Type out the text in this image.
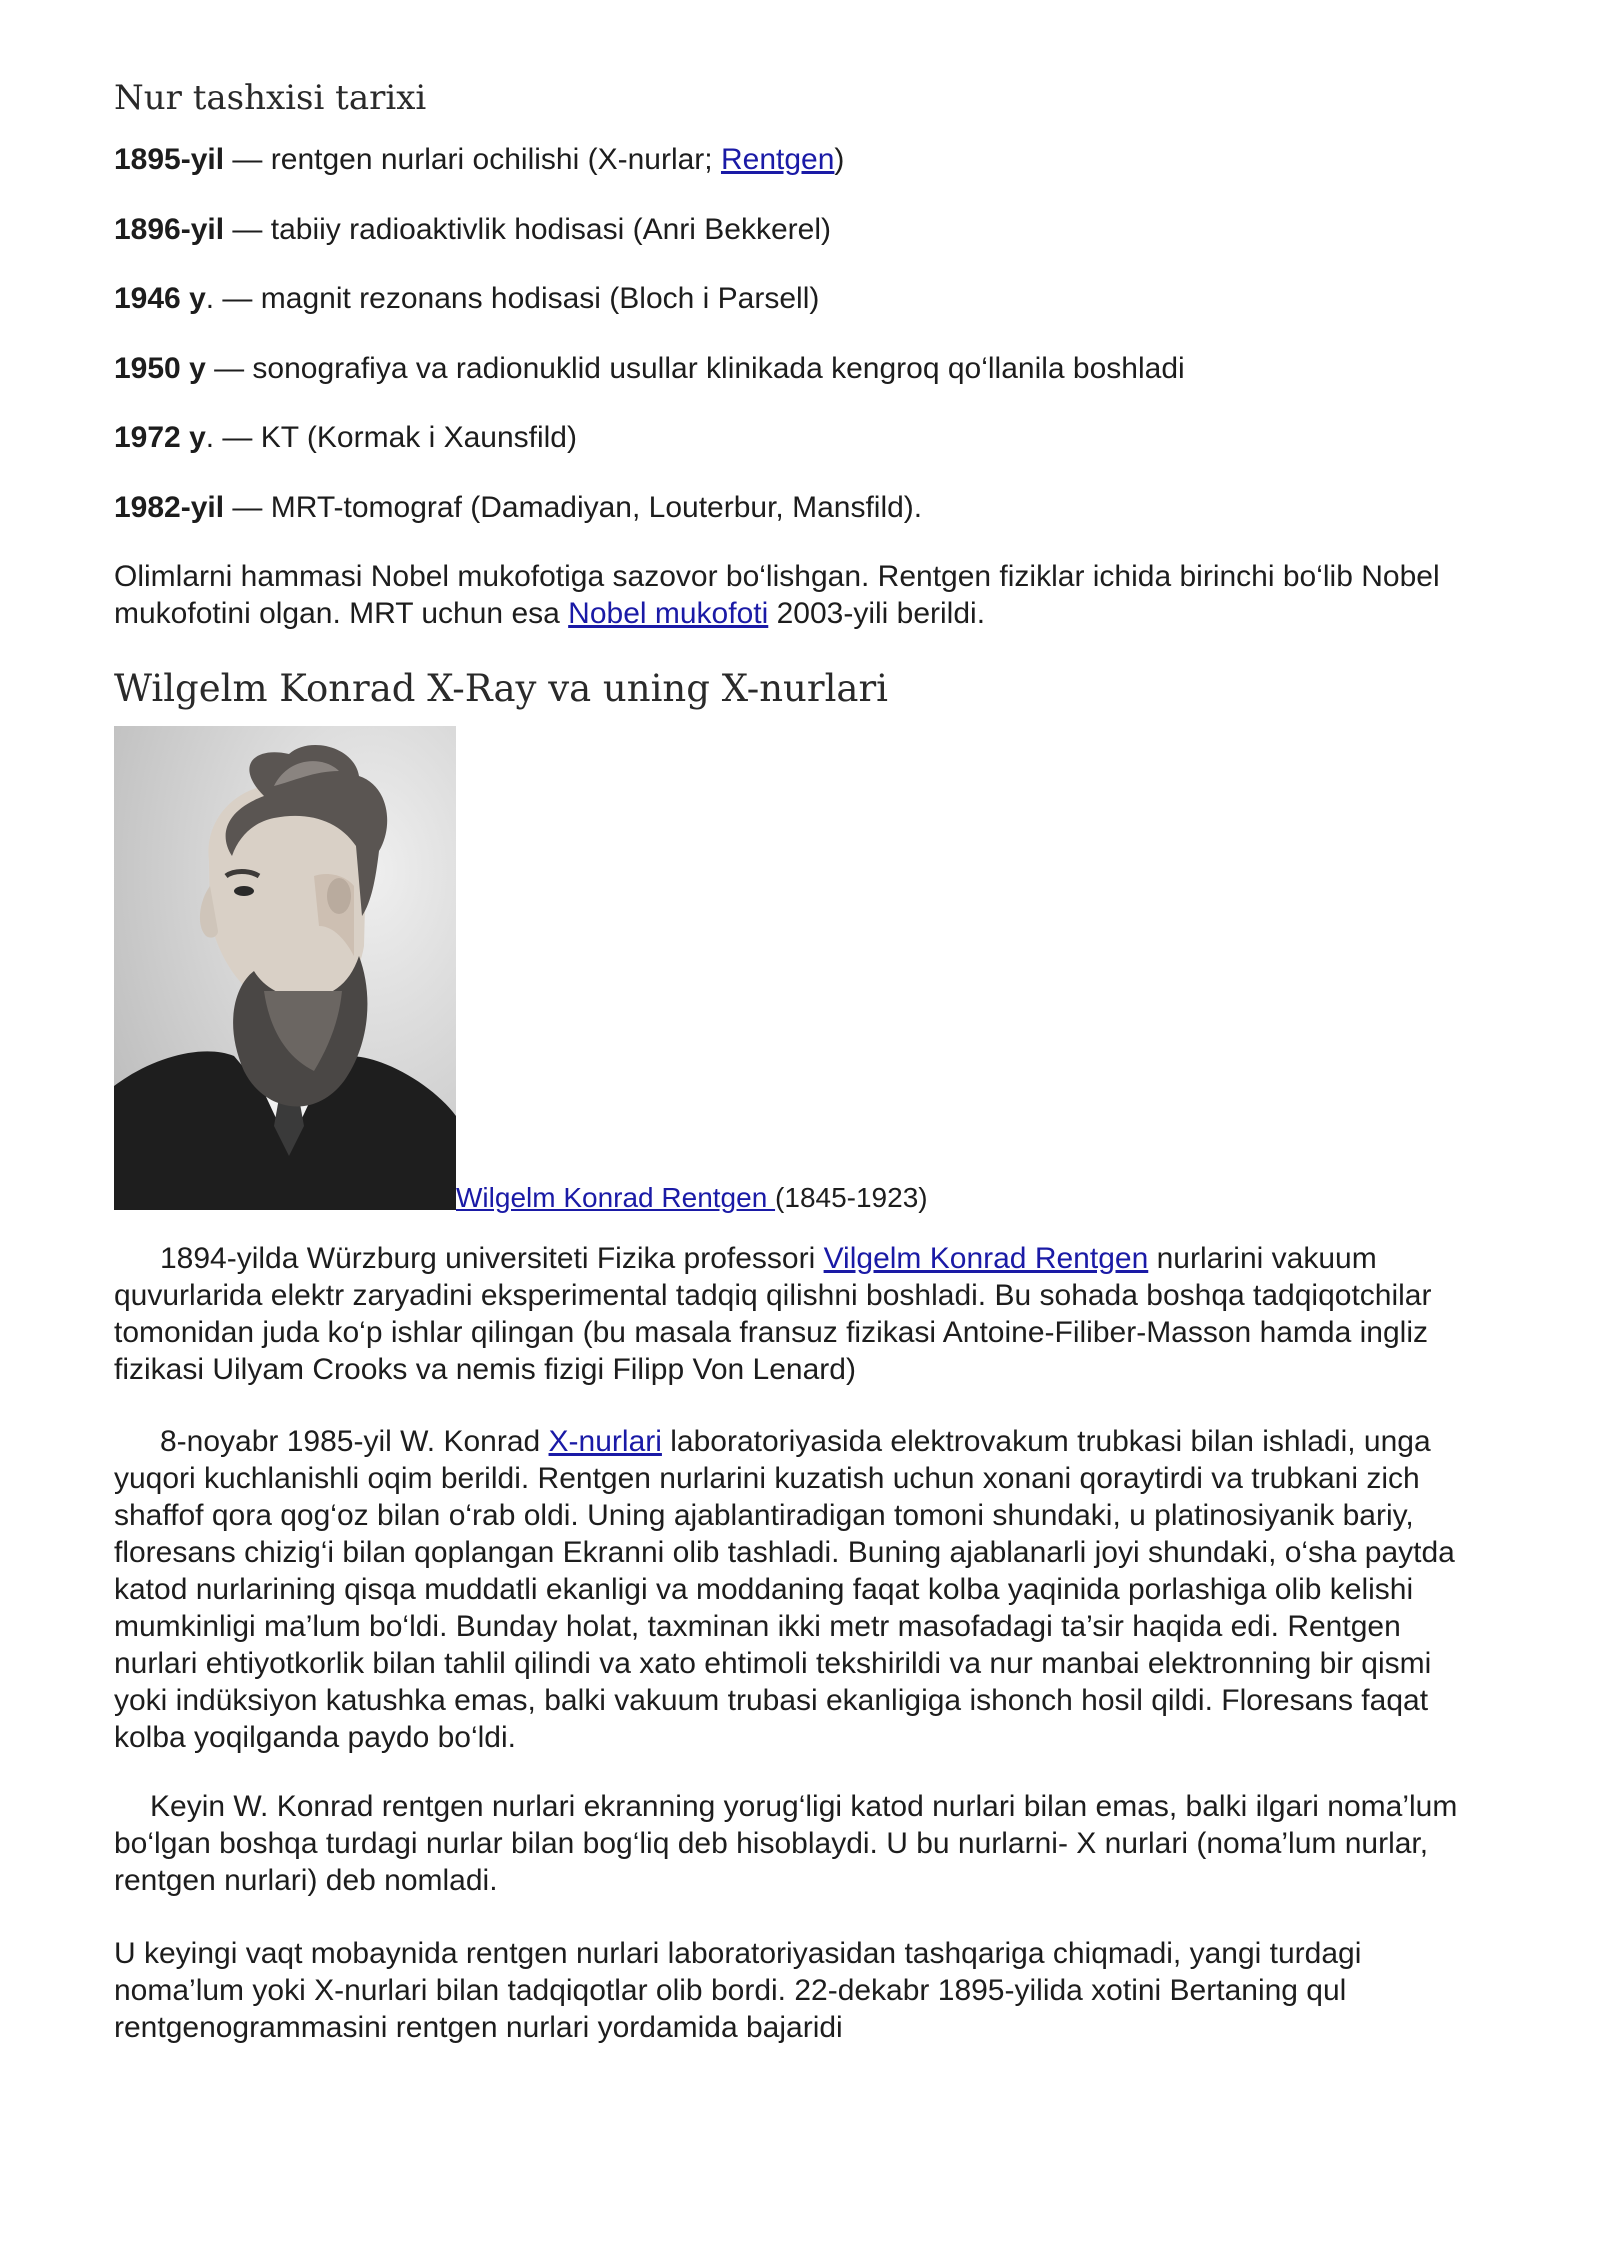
Nur tashxisi tarixi
1895-yil — rentgen nurlari ochilishi (X-nurlar; Rentgen)
1896-yil — tabiiy radioaktivlik hodisasi (Anri Bekkerel)
1946 y. — magnit rezonans hodisasi (Bloch i Parsell)
1950 y — sonografiya va radionuklid usullar klinikada kengroq qo‘llanila boshladi
1972 y. — KT (Kormak i Xaunsfild)
1982-yil — MRT-tomograf (Damadiyan, Louterbur, Mansfild).
Olimlarni hammasi Nobel mukofotiga sazovor bo‘lishgan. Rentgen fiziklar ichida birinchi bo‘lib Nobel mukofotini olgan. MRT uchun esa Nobel mukofoti 2003-yili berildi.
Wilgelm Konrad X-Ray va uning X-nurlari
Wilgelm Konrad Rentgen (1845-1923)
1894-yilda Würzburg universiteti Fizika professori Vilgelm Konrad Rentgen nurlarini vakuum quvurlarida elektr zaryadini eksperimental tadqiq qilishni boshladi. Bu sohada boshqa tadqiqotchilar tomonidan juda ko‘p ishlar qilingan (bu masala fransuz fizikasi Antoine-Filiber-Masson hamda ingliz fizikasi Uilyam Crooks va nemis fizigi Filipp Von Lenard)
8-noyabr 1985-yil W. Konrad X-nurlari laboratoriyasida elektrovakum trubkasi bilan ishladi, unga yuqori kuchlanishli oqim berildi. Rentgen nurlarini kuzatish uchun xonani qoraytirdi va trubkani zich shaffof qora qog‘oz bilan o‘rab oldi. Uning ajablantiradigan tomoni shundaki, u platinosiyanik bariy, floresans chizig‘i bilan qoplangan Ekranni olib tashladi. Buning ajablanarli joyi shundaki, o‘sha paytda katod nurlarining qisqa muddatli ekanligi va moddaning faqat kolba yaqinida porlashiga olib kelishi mumkinligi ma’lum bo‘ldi. Bunday holat, taxminan ikki metr masofadagi ta’sir haqida edi. Rentgen nurlari ehtiyotkorlik bilan tahlil qilindi va xato ehtimoli tekshirildi va nur manbai elektronning bir qismi yoki indüksiyon katushka emas, balki vakuum trubasi ekanligiga ishonch hosil qildi. Floresans faqat kolba yoqilganda paydo bo‘ldi.
Keyin W. Konrad rentgen nurlari ekranning yorug‘ligi katod nurlari bilan emas, balki ilgari noma’lum bo‘lgan boshqa turdagi nurlar bilan bog‘liq deb hisoblaydi. U bu nurlarni- X nurlari (noma’lum nurlar, rentgen nurlari) deb nomladi.
U keyingi vaqt mobaynida rentgen nurlari laboratoriyasidan tashqariga chiqmadi, yangi turdagi noma’lum yoki X-nurlari bilan tadqiqotlar olib bordi. 22-dekabr 1895-yilida xotini Bertaning qul rentgenogrammasini rentgen nurlari yordamida bajaridi
